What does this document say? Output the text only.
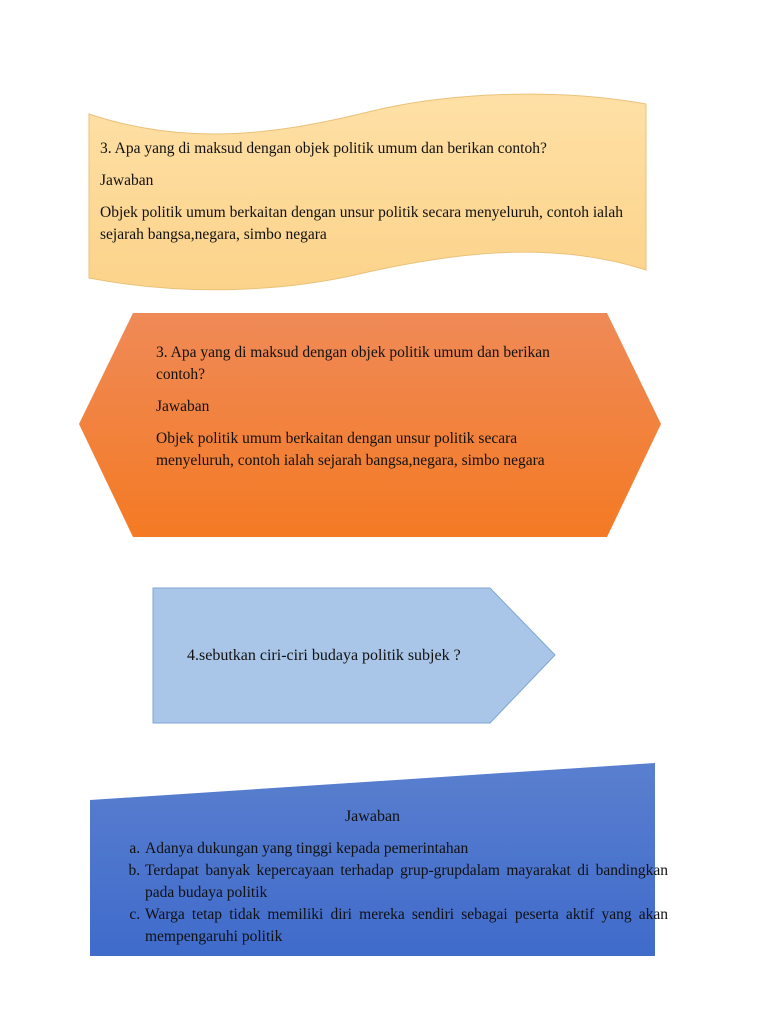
3. Apa yang di maksud dengan objek politik umum dan berikan contoh?

Jawaban

Objek politik umum berkaitan dengan unsur politik secara menyeluruh, contoh ialah sejarah bangsa,negara, simbo negara

3. Apa yang di maksud dengan objek politik umum dan berikan contoh?

Jawaban

Objek politik umum berkaitan dengan unsur politik secara menyeluruh, contoh ialah sejarah bangsa,negara, simbo negara

4.sebutkan ciri-ciri budaya politik subjek ?

Jawaban
a. Adanya dukungan yang tinggi kepada pemerintahan
b. Terdapat banyak kepercayaan terhadap grup-grupdalam mayarakat di bandingkan pada budaya politik
c. Warga tetap tidak memiliki diri mereka sendiri sebagai peserta aktif yang akan mempengaruhi politik
